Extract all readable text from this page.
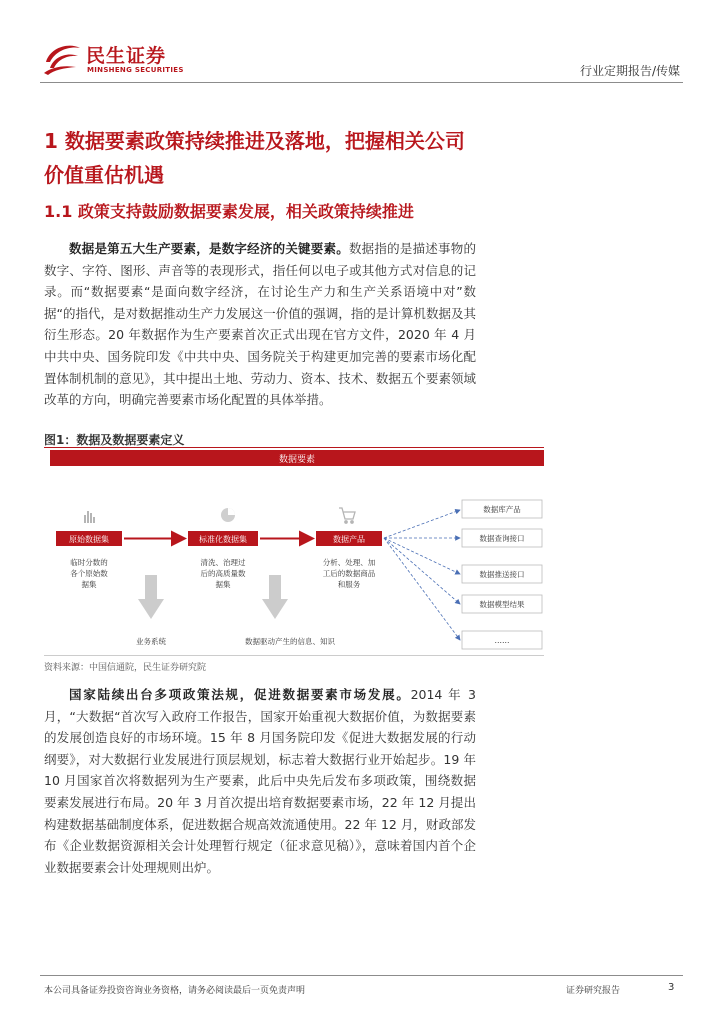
民生证券
MINSHENG SECURITIES	行业定期报告/传媒
1 数据要素政策持续推进及落地，把握相关公司价值重估机遇
1.1 政策支持鼓励数据要素发展，相关政策持续推进

数据是第五大生产要素，是数字经济的关键要素。数据指的是描述事物的数字、字符、图形、声音等的表现形式，指任何以电子或其他方式对信息的记录。而“数据要素“是面向数字经济，在讨论生产力和生产关系语境中对”数据“的指代，是对数据推动生产力发展这一价值的强调，指的是计算机数据及其衍生形态。20 年数据作为生产要素首次正式出现在官方文件，2020 年 4 月中共中央、国务院印发《中共中央、国务院关于构建更加完善的要素市场化配置体制机制的意见》，其中提出土地、劳动力、资本、技术、数据五个要素领域改革的方向，明确完善要素市场化配置的具体举措。

图1：数据及数据要素定义
数据要素
原始数据集	标准化数据集	数据产品
临时分数的
各个原始数
据集
清洗、治理过
后的高质量数
据集
分析、处理、加
工后的数据商品
和服务
业务系统	数据驱动产生的信息、知识
数据库产品
数据查询接口
数据推送接口
数据模型结果
……
资料来源：中国信通院，民生证券研究院

国家陆续出台多项政策法规，促进数据要素市场发展。2014 年 3 月，“大数据“首次写入政府工作报告，国家开始重视大数据价值，为数据要素的发展创造良好的市场环境。15 年 8 月国务院印发《促进大数据发展的行动纲要》，对大数据行业发展进行顶层规划，标志着大数据行业开始起步。19 年 10 月国家首次将数据列为生产要素，此后中央先后发布多项政策，围绕数据要素发展进行布局。20 年 3 月首次提出培育数据要素市场，22 年 12 月提出构建数据基础制度体系，促进数据合规高效流通使用。22 年 12 月，财政部发布《企业数据资源相关会计处理暂行规定（征求意见稿）》，意味着国内首个企业数据要素会计处理规则出炉。

本公司具备证券投资咨询业务资格，请务必阅读最后一页免责声明	证券研究报告	3
